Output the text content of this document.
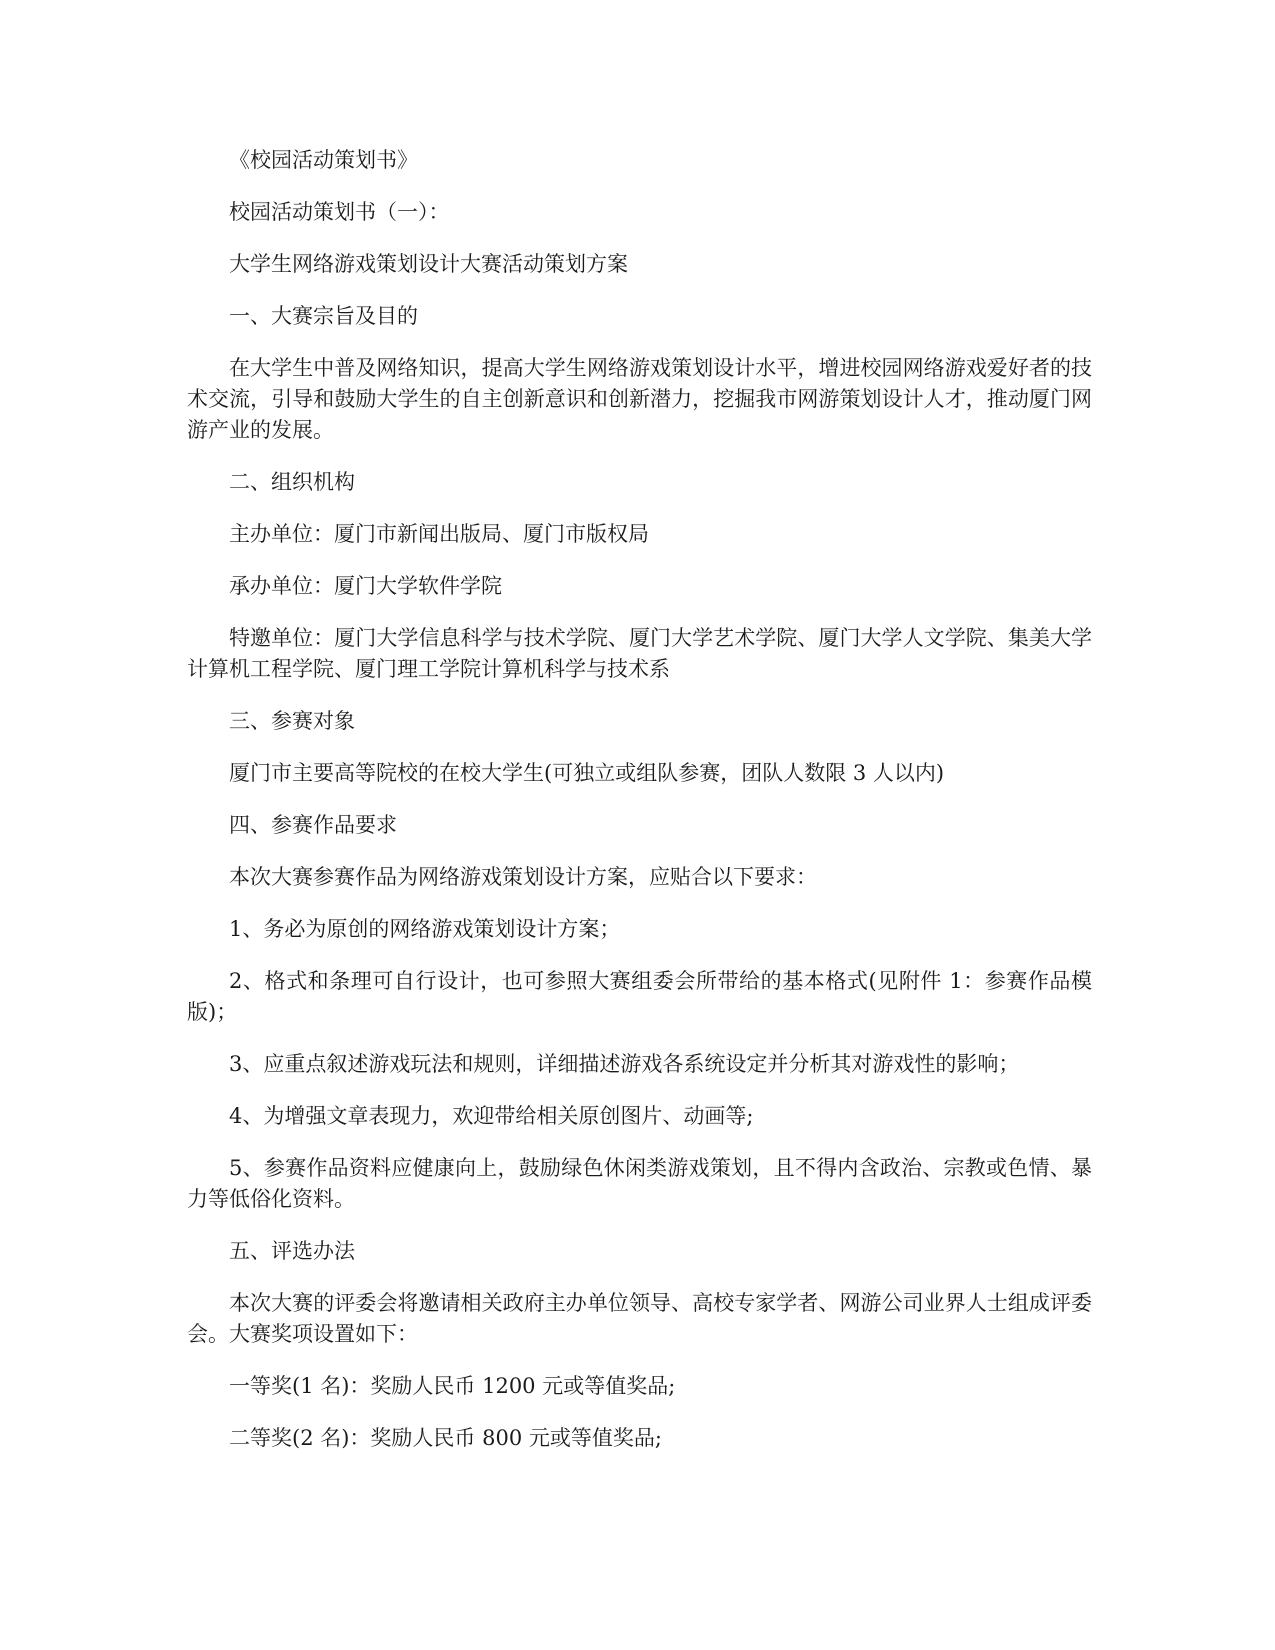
《校园活动策划书》

校园活动策划书（一）：

大学生网络游戏策划设计大赛活动策划方案

一、大赛宗旨及目的

在大学生中普及网络知识，提高大学生网络游戏策划设计水平，增进校园网络游戏爱好者的技术交流，引导和鼓励大学生的自主创新意识和创新潜力，挖掘我市网游策划设计人才，推动厦门网游产业的发展。

二、组织机构

主办单位：厦门市新闻出版局、厦门市版权局

承办单位：厦门大学软件学院

特邀单位：厦门大学信息科学与技术学院、厦门大学艺术学院、厦门大学人文学院、集美大学计算机工程学院、厦门理工学院计算机科学与技术系

三、参赛对象

厦门市主要高等院校的在校大学生(可独立或组队参赛，团队人数限 3 人以内)

四、参赛作品要求

本次大赛参赛作品为网络游戏策划设计方案，应贴合以下要求：

1、务必为原创的网络游戏策划设计方案；

2、格式和条理可自行设计，也可参照大赛组委会所带给的基本格式(见附件 1：参赛作品模版)；

3、应重点叙述游戏玩法和规则，详细描述游戏各系统设定并分析其对游戏性的影响；

4、为增强文章表现力，欢迎带给相关原创图片、动画等;

5、参赛作品资料应健康向上，鼓励绿色休闲类游戏策划，且不得内含政治、宗教或色情、暴力等低俗化资料。

五、评选办法

本次大赛的评委会将邀请相关政府主办单位领导、高校专家学者、网游公司业界人士组成评委会。大赛奖项设置如下：

一等奖(1 名)：奖励人民币 1200 元或等值奖品;

二等奖(2 名)：奖励人民币 800 元或等值奖品;
